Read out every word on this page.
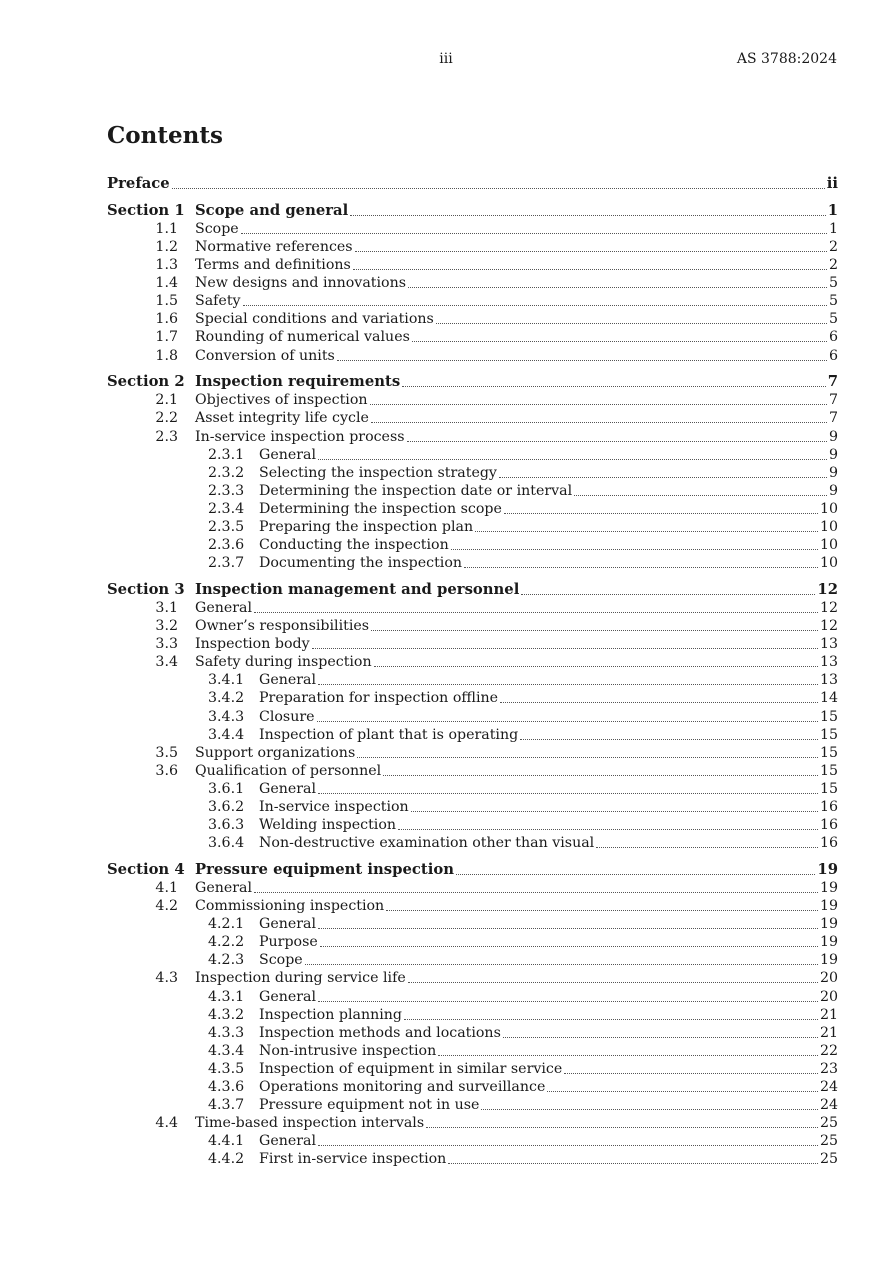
iii	AS 3788:2024
Contents
Preface	ii
Section 1 Scope and general	1
1.1 Scope	1
1.2 Normative references	2
1.3 Terms and definitions	2
1.4 New designs and innovations	5
1.5 Safety	5
1.6 Special conditions and variations	5
1.7 Rounding of numerical values	6
1.8 Conversion of units	6
Section 2 Inspection requirements	7
2.1 Objectives of inspection	7
2.2 Asset integrity life cycle	7
2.3 In-service inspection process	9
2.3.1 General	9
2.3.2 Selecting the inspection strategy	9
2.3.3 Determining the inspection date or interval	9
2.3.4 Determining the inspection scope	10
2.3.5 Preparing the inspection plan	10
2.3.6 Conducting the inspection	10
2.3.7 Documenting the inspection	10
Section 3 Inspection management and personnel	12
3.1 General	12
3.2 Owner’s responsibilities	12
3.3 Inspection body	13
3.4 Safety during inspection	13
3.4.1 General	13
3.4.2 Preparation for inspection offline	14
3.4.3 Closure	15
3.4.4 Inspection of plant that is operating	15
3.5 Support organizations	15
3.6 Qualification of personnel	15
3.6.1 General	15
3.6.2 In-service inspection	16
3.6.3 Welding inspection	16
3.6.4 Non-destructive examination other than visual	16
Section 4 Pressure equipment inspection	19
4.1 General	19
4.2 Commissioning inspection	19
4.2.1 General	19
4.2.2 Purpose	19
4.2.3 Scope	19
4.3 Inspection during service life	20
4.3.1 General	20
4.3.2 Inspection planning	21
4.3.3 Inspection methods and locations	21
4.3.4 Non-intrusive inspection	22
4.3.5 Inspection of equipment in similar service	23
4.3.6 Operations monitoring and surveillance	24
4.3.7 Pressure equipment not in use	24
4.4 Time-based inspection intervals	25
4.4.1 General	25
4.4.2 First in-service inspection	25
